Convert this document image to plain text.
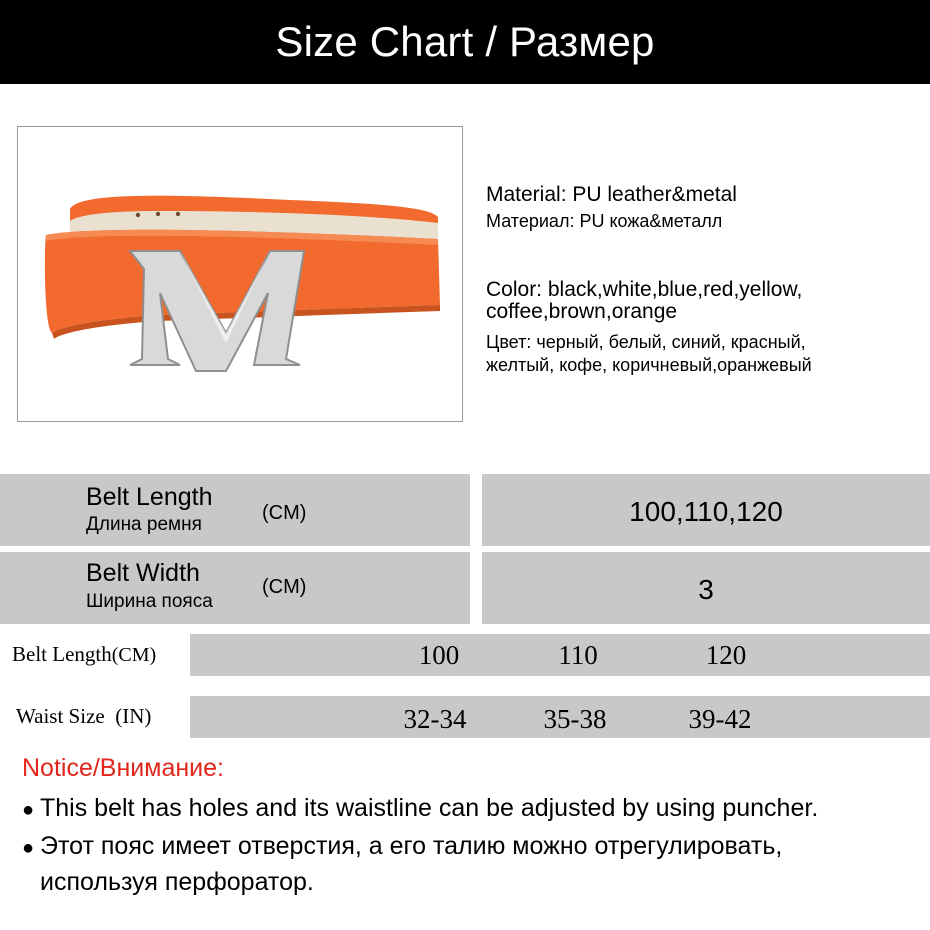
Size Chart / Размер
Material: PU leather&metal
Материал: PU кожа&металл
Color: black,white,blue,red,yellow,
coffee,brown,orange
Цвет: черный, белый, синий, красный,
желтый, кофе, коричневый,оранжевый
Belt Length
Длина ремня
(CM)	100,110,120
Belt Width
Ширина пояса
(CM)	3
Belt Length(CM)	100	110	120
Waist Size (IN)	32-34	35-38	39-42
Notice/Внимание:
● This belt has holes and its waistline can be adjusted by using puncher.
● Этот пояс имеет отверстия, а его талию можно отрегулировать,
используя перфоратор.
